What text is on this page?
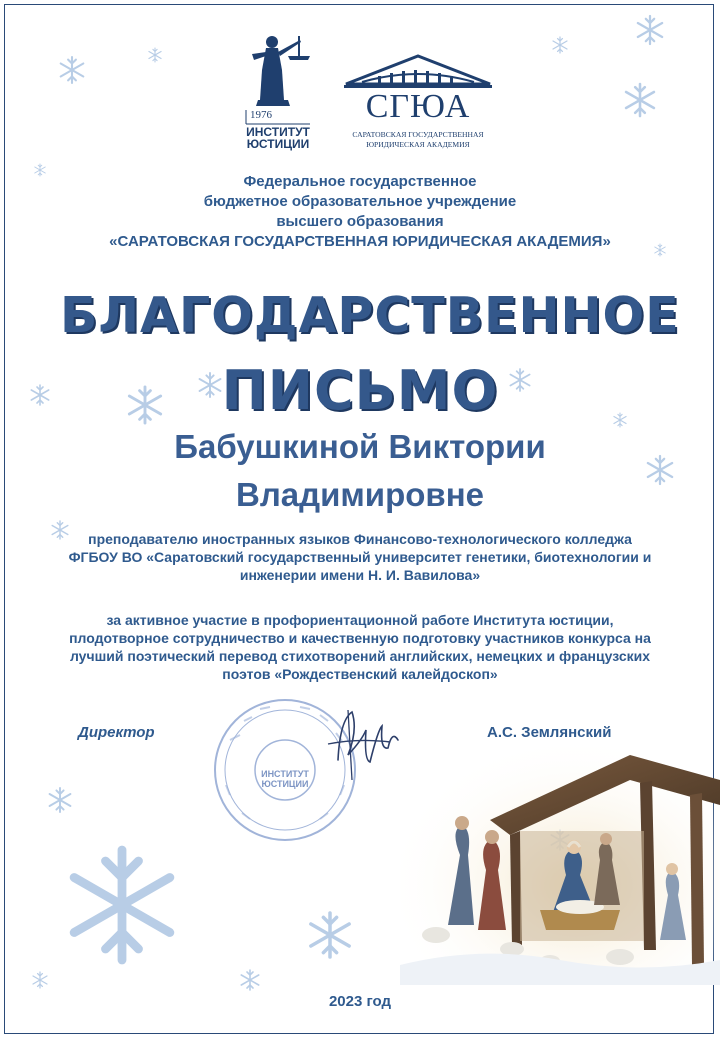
1976
ИНСТИТУТ
ЮСТИЦИИ
СГЮА
САРАТОВСКАЯ ГОСУДАРСТВЕННАЯ
ЮРИДИЧЕСКАЯ АКАДЕМИЯ
Федеральное государственное
бюджетное образовательное учреждение
высшего образования
«САРАТОВСКАЯ ГОСУДАРСТВЕННАЯ ЮРИДИЧЕСКАЯ АКАДЕМИЯ»
БЛАГОДАРСТВЕННОЕ
ПИСЬМО
Бабушкиной Виктории
Владимировне
преподавателю иностранных языков Финансово-технологического колледжа
ФГБОУ ВО «Саратовский государственный университет генетики, биотехнологии и
инженерии имени Н. И. Вавилова»
за активное участие в профориентационной работе Института юстиции,
плодотворное сотрудничество и качественную подготовку участников конкурса на
лучший поэтический перевод стихотворений английских, немецких и французских
поэтов «Рождественский калейдоскоп»
Директор	А.С. Землянский
ИНСТИТУТ
ЮСТИЦИИ
2023 год
